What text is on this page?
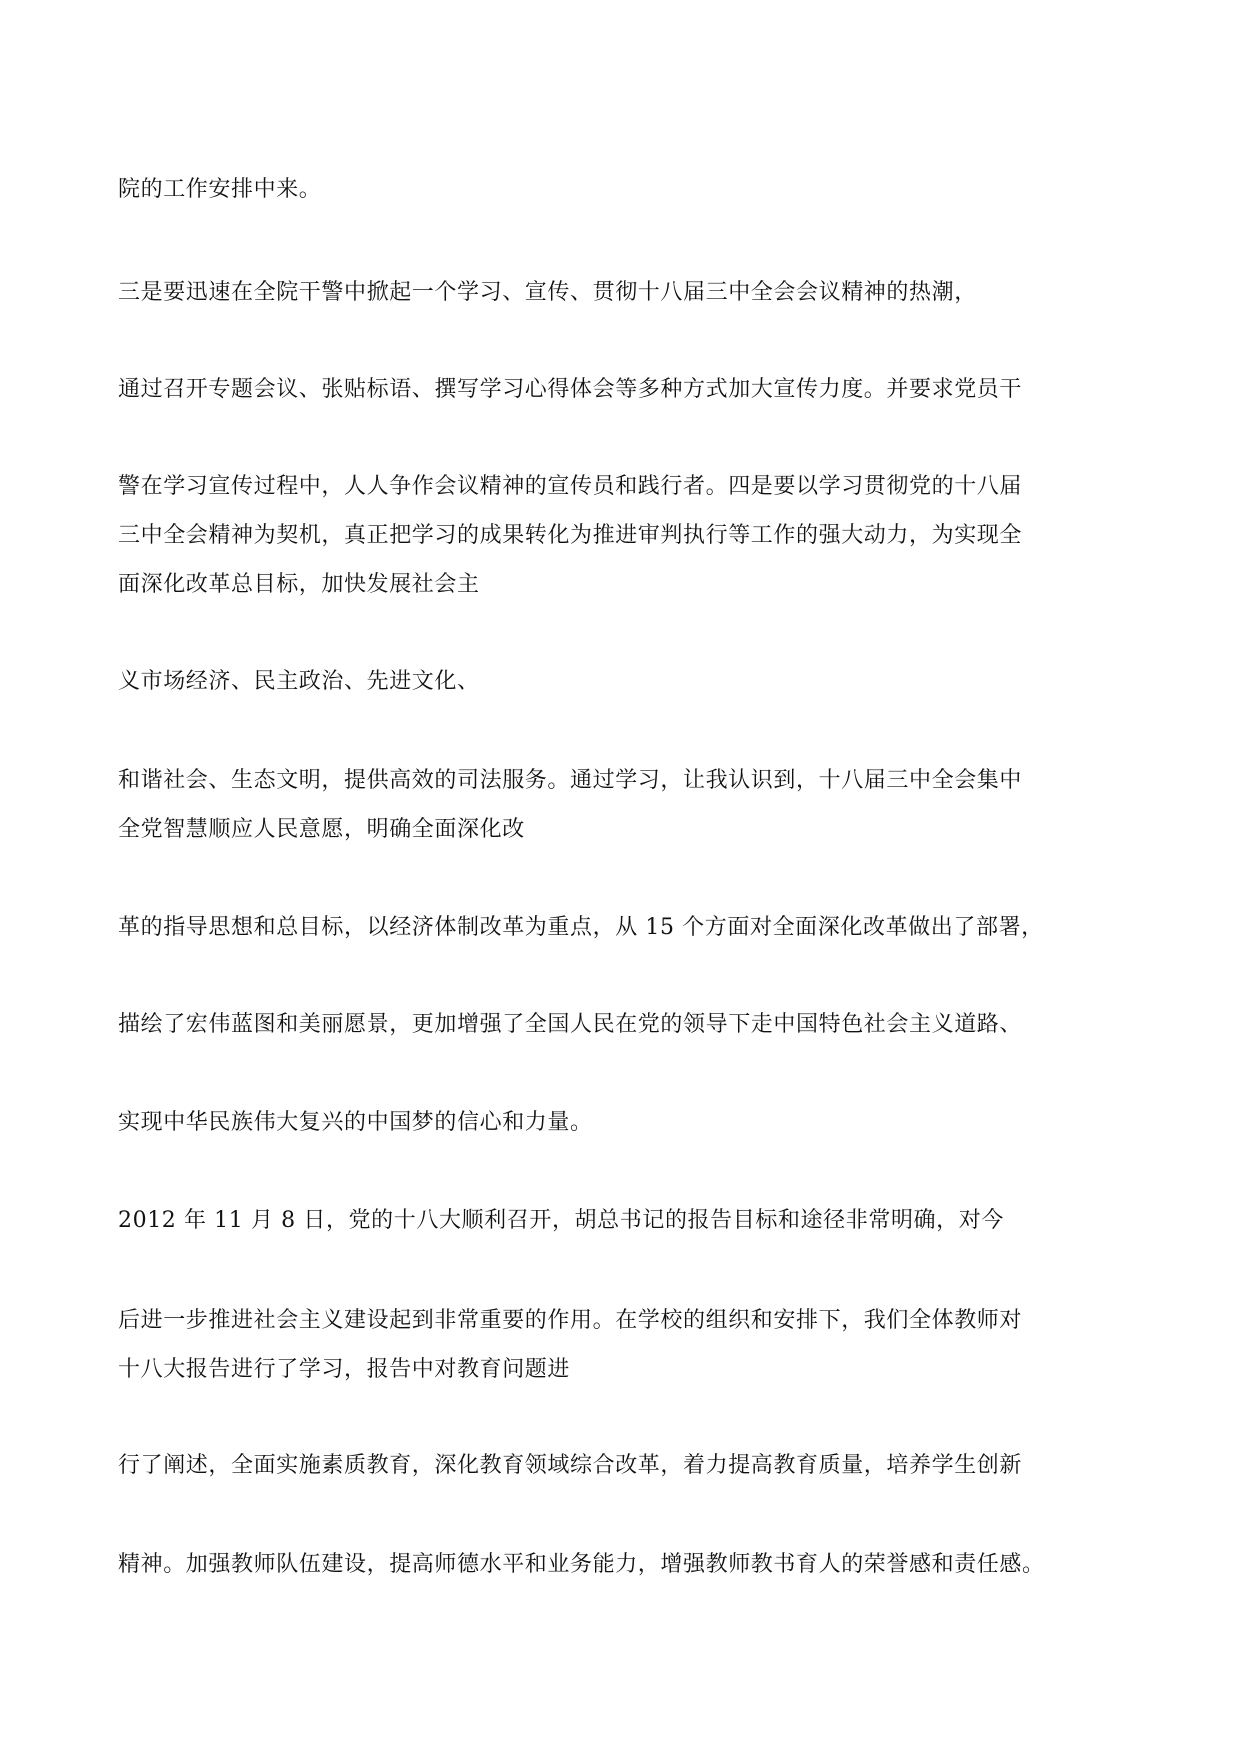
院的工作安排中来。

三是要迅速在全院干警中掀起一个学习、宣传、贯彻十八届三中全会会议精神的热潮，

通过召开专题会议、张贴标语、撰写学习心得体会等多种方式加大宣传力度。并要求党员干

警在学习宣传过程中，人人争作会议精神的宣传员和践行者。四是要以学习贯彻党的十八届

三中全会精神为契机，真正把学习的成果转化为推进审判执行等工作的强大动力，为实现全

面深化改革总目标，加快发展社会主

义市场经济、民主政治、先进文化、

和谐社会、生态文明，提供高效的司法服务。通过学习，让我认识到，十八届三中全会集中

全党智慧顺应人民意愿，明确全面深化改

革的指导思想和总目标，以经济体制改革为重点，从 15 个方面对全面深化改革做出了部署，

描绘了宏伟蓝图和美丽愿景，更加增强了全国人民在党的领导下走中国特色社会主义道路、

实现中华民族伟大复兴的中国梦的信心和力量。

2012 年 11 月 8 日，党的十八大顺利召开，胡总书记的报告目标和途径非常明确，对今

后进一步推进社会主义建设起到非常重要的作用。在学校的组织和安排下，我们全体教师对

十八大报告进行了学习，报告中对教育问题进

行了阐述，全面实施素质教育，深化教育领域综合改革，着力提高教育质量，培养学生创新

精神。加强教师队伍建设，提高师德水平和业务能力，增强教师教书育人的荣誉感和责任感。
